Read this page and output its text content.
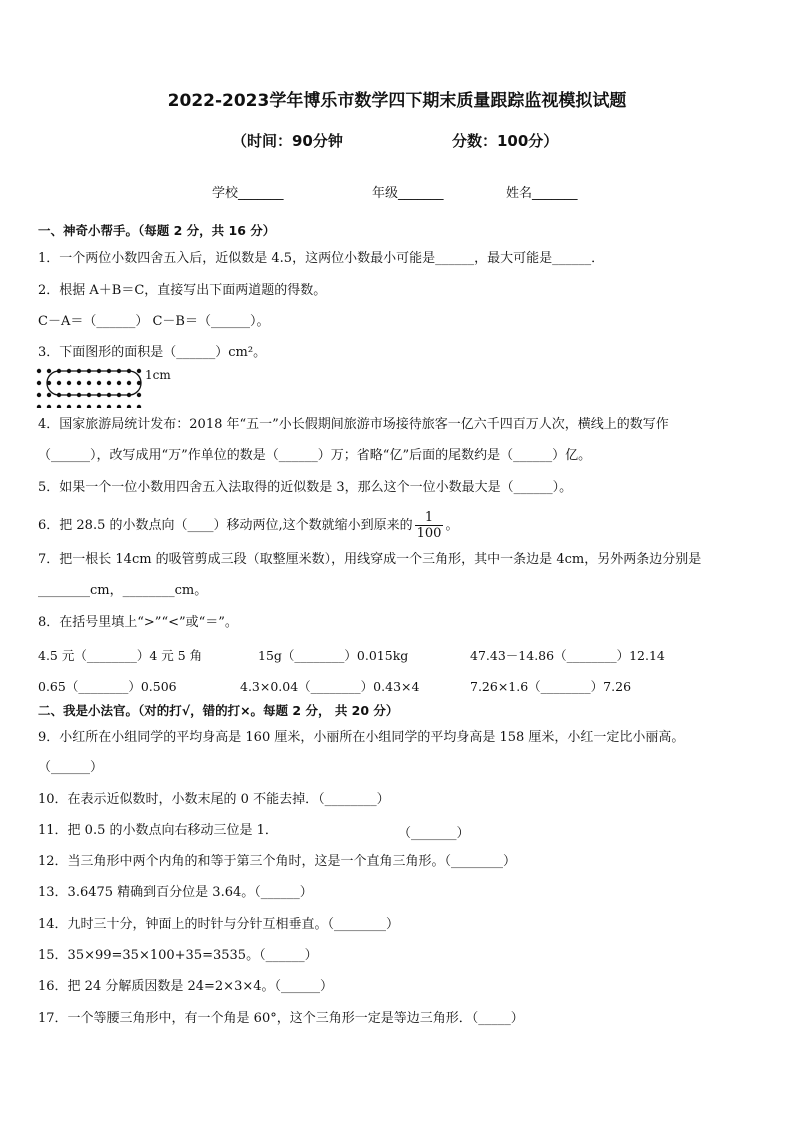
2022-2023学年博乐市数学四下期末质量跟踪监视模拟试题
（时间：90分钟	分数：100分）
学校_______	年级_______	姓名_______
一、神奇小帮手。（每题 2 分，共 16 分）
1．一个两位小数四舍五入后，近似数是 4.5，这两位小数最小可能是______，最大可能是______．
2．根据 A＋B＝C，直接写出下面两道题的得数。
C－A＝（______） C－B＝（______）。
3．下面图形的面积是（______）cm²。
1cm
4．国家旅游局统计发布：2018 年“五一”小长假期间旅游市场接待旅客一亿六千四百万人次，横线上的数写作
（______），改写成用“万”作单位的数是（______）万；省略“亿”后面的尾数约是（______）亿。
5．如果一个一位小数用四舍五入法取得的近似数是 3，那么这个一位小数最大是（______）。
6．把 28.5 的小数点向（____）移动两位,这个数就缩小到原来的 $\frac{1}{100}$ 。
7．把一根长 14cm 的吸管剪成三段（取整厘米数），用线穿成一个三角形，其中一条边是 4cm，另外两条边分别是
________cm，________cm。
8．在括号里填上“>”“<”或“＝”。
4.5 元（________）4 元 5 角	15g（________）0.015kg	47.43－14.86（________）12.14
0.65（________）0.506	4.3×0.04（________）0.43×4	7.26×1.6（________）7.26
二、我是小法官。（对的打√，错的打×。每题 2 分， 共 20 分）
9．小红所在小组同学的平均身高是 160 厘米，小丽所在小组同学的平均身高是 158 厘米，小红一定比小丽高。
（______）
10．在表示近似数时，小数末尾的 0 不能去掉．（________）
11．把 0.5 的小数点向右移动三位是 1．	（_______）
12．当三角形中两个内角的和等于第三个角时，这是一个直角三角形。（________）
13．3.6475 精确到百分位是 3.64。（______）
14．九时三十分，钟面上的时针与分针互相垂直。（________）
15．35×99=35×100+35=3535。（______）
16．把 24 分解质因数是 24=2×3×4。（______）
17．一个等腰三角形中，有一个角是 60°，这个三角形一定是等边三角形．（_____）
